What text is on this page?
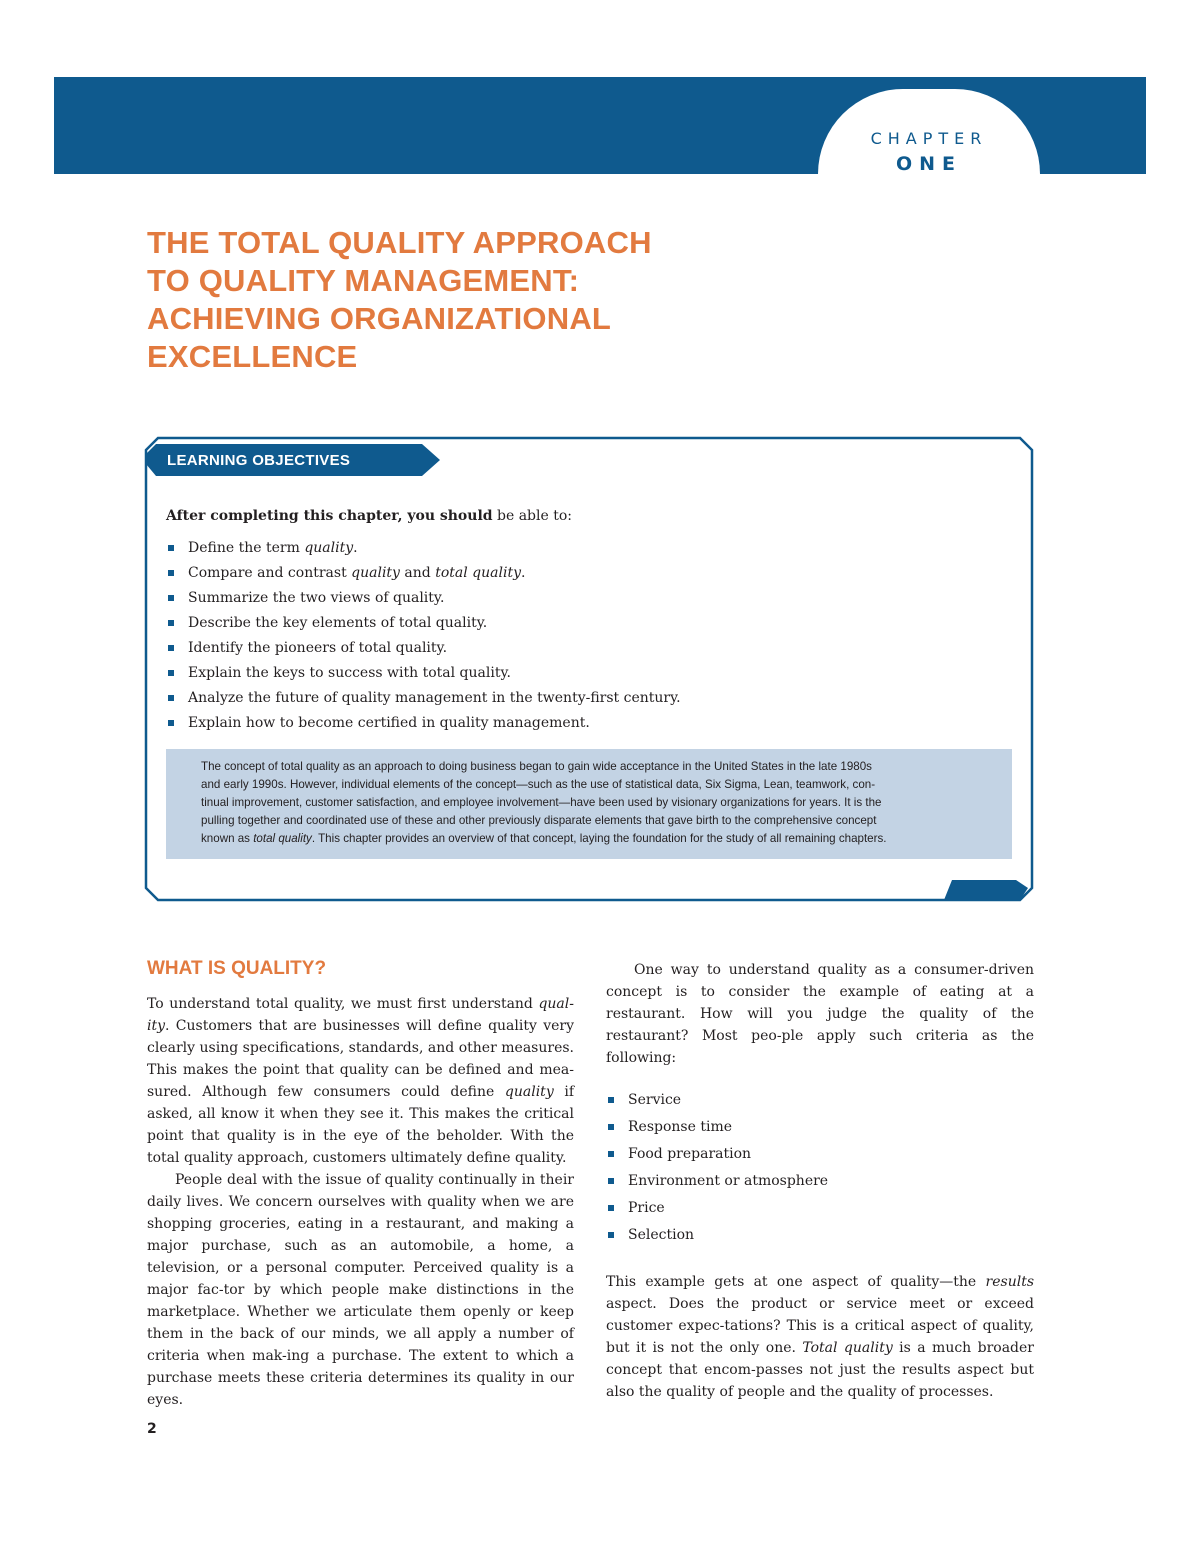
CHAPTER
ONE
THE TOTAL QUALITY APPROACH
TO QUALITY MANAGEMENT:
ACHIEVING ORGANIZATIONAL
EXCELLENCE
LEARNING OBJECTIVES

After completing this chapter, you should be able to:

Define the term quality.
Compare and contrast quality and total quality.
Summarize the two views of quality.
Describe the key elements of total quality.
Identify the pioneers of total quality.
Explain the keys to success with total quality.
Analyze the future of quality management in the twenty-first century.
Explain how to become certified in quality management.
The concept of total quality as an approach to doing business began to gain wide acceptance in the United States in the late 1980s
and early 1990s. However, individual elements of the concept—such as the use of statistical data, Six Sigma, Lean, teamwork, con-
tinual improvement, customer satisfaction, and employee involvement—have been used by visionary organizations for years. It is the
pulling together and coordinated use of these and other previously disparate elements that gave birth to the comprehensive concept
known as total quality. This chapter provides an overview of that concept, laying the foundation for the study of all remaining chapters.
WHAT IS QUALITY?

To understand total quality, we must first understand qual-ity. Customers that are businesses will define quality very clearly using specifications, standards, and other measures. This makes the point that quality can be defined and mea-sured. Although few consumers could define quality if asked, all know it when they see it. This makes the critical point that quality is in the eye of the beholder. With the total quality approach, customers ultimately define quality.

People deal with the issue of quality continually in their daily lives. We concern ourselves with quality when we are shopping groceries, eating in a restaurant, and making a major purchase, such as an automobile, a home, a television, or a personal computer. Perceived quality is a major fac-tor by which people make distinctions in the marketplace. Whether we articulate them openly or keep them in the back of our minds, we all apply a number of criteria when mak-ing a purchase. The extent to which a purchase meets these criteria determines its quality in our eyes.

One way to understand quality as a consumer-driven concept is to consider the example of eating at a restaurant. How will you judge the quality of the restaurant? Most peo-ple apply such criteria as the following:

Service
Response time
Food preparation
Environment or atmosphere
Price
Selection

This example gets at one aspect of quality—the results aspect. Does the product or service meet or exceed customer expec-tations? This is a critical aspect of quality, but it is not the only one. Total quality is a much broader concept that encom-passes not just the results aspect but also the quality of people and the quality of processes.

2
